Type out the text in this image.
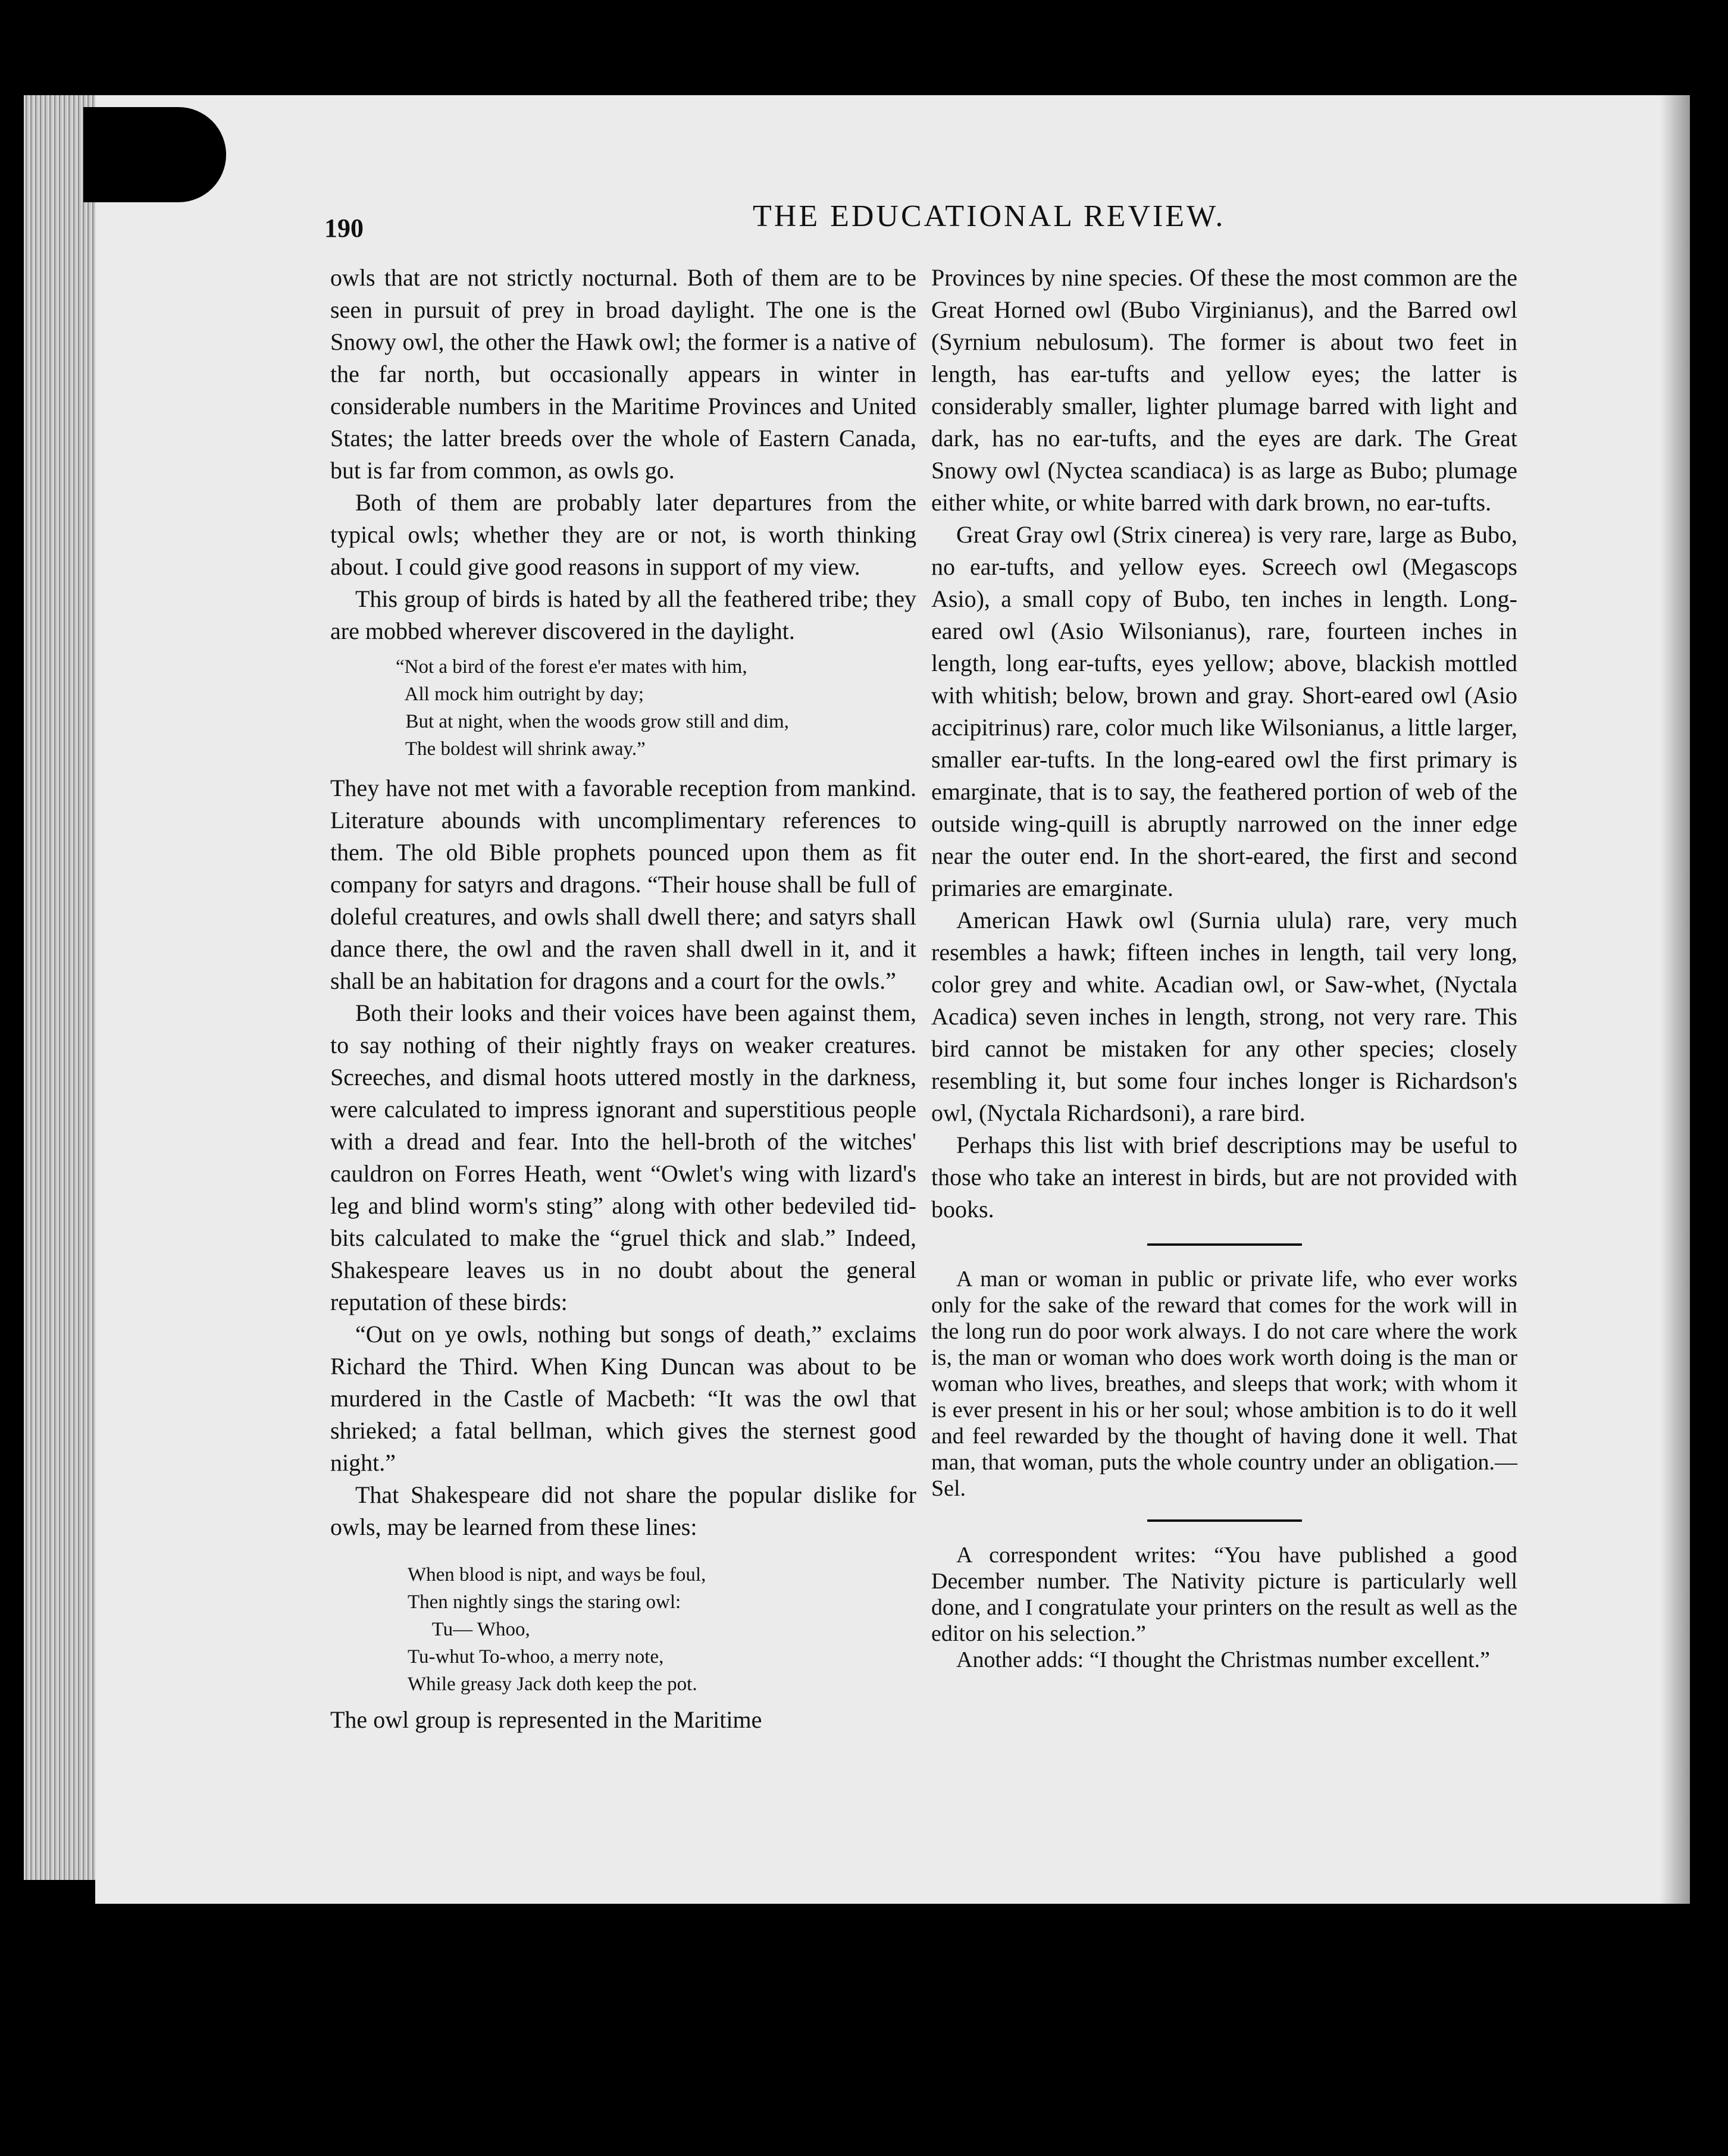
190	THE EDUCATIONAL REVIEW.

owls that are not strictly nocturnal. Both of them are to be seen in pursuit of prey in broad daylight. The one is the Snowy owl, the other the Hawk owl; the former is a native of the far north, but occasionally appears in winter in considerable numbers in the Maritime Provinces and United States; the latter breeds over the whole of Eastern Canada, but is far from common, as owls go.

Both of them are probably later departures from the typical owls; whether they are or not, is worth thinking about. I could give good reasons in support of my view.

This group of birds is hated by all the feathered tribe; they are mobbed wherever discovered in the daylight.

“Not a bird of the forest e'er mates with him,
All mock him outright by day;
But at night, when the woods grow still and dim,
The boldest will shrink away.”

They have not met with a favorable reception from mankind. Literature abounds with uncomplimentary references to them. The old Bible prophets pounced upon them as fit company for satyrs and dragons. “Their house shall be full of doleful creatures, and owls shall dwell there; and satyrs shall dance there, the owl and the raven shall dwell in it, and it shall be an habitation for dragons and a court for the owls.”

Both their looks and their voices have been against them, to say nothing of their nightly frays on weaker creatures. Screeches, and dismal hoots uttered mostly in the darkness, were calculated to impress ignorant and superstitious people with a dread and fear. Into the hell-broth of the witches' cauldron on Forres Heath, went “Owlet's wing with lizard's leg and blind worm's sting” along with other bedeviled tid-bits calculated to make the “gruel thick and slab.” Indeed, Shakespeare leaves us in no doubt about the general reputation of these birds:

“Out on ye owls, nothing but songs of death,” exclaims Richard the Third. When King Duncan was about to be murdered in the Castle of Macbeth: “It was the owl that shrieked; a fatal bellman, which gives the sternest good night.”

That Shakespeare did not share the popular dislike for owls, may be learned from these lines:

When blood is nipt, and ways be foul,
Then nightly sings the staring owl:
Tu— Whoo,
Tu-whut To-whoo, a merry note,
While greasy Jack doth keep the pot.

The owl group is represented in the Maritime

Provinces by nine species. Of these the most common are the Great Horned owl (Bubo Virginianus), and the Barred owl (Syrnium nebulosum). The former is about two feet in length, has ear-tufts and yellow eyes; the latter is considerably smaller, lighter plumage barred with light and dark, has no ear-tufts, and the eyes are dark. The Great Snowy owl (Nyctea scandiaca) is as large as Bubo; plumage either white, or white barred with dark brown, no ear-tufts.

Great Gray owl (Strix cinerea) is very rare, large as Bubo, no ear-tufts, and yellow eyes. Screech owl (Megascops Asio), a small copy of Bubo, ten inches in length. Long-eared owl (Asio Wilsonianus), rare, fourteen inches in length, long ear-tufts, eyes yellow; above, blackish mottled with whitish; below, brown and gray. Short-eared owl (Asio accipitrinus) rare, color much like Wilsonianus, a little larger, smaller ear-tufts. In the long-eared owl the first primary is emarginate, that is to say, the feathered portion of web of the outside wing-quill is abruptly narrowed on the inner edge near the outer end. In the short-eared, the first and second primaries are emarginate.

American Hawk owl (Surnia ulula) rare, very much resembles a hawk; fifteen inches in length, tail very long, color grey and white. Acadian owl, or Saw-whet, (Nyctala Acadica) seven inches in length, strong, not very rare. This bird cannot be mistaken for any other species; closely resembling it, but some four inches longer is Richardson's owl, (Nyctala Richardsoni), a rare bird.

Perhaps this list with brief descriptions may be useful to those who take an interest in birds, but are not provided with books.

A man or woman in public or private life, who ever works only for the sake of the reward that comes for the work will in the long run do poor work always. I do not care where the work is, the man or woman who does work worth doing is the man or woman who lives, breathes, and sleeps that work; with whom it is ever present in his or her soul; whose ambition is to do it well and feel rewarded by the thought of having done it well. That man, that woman, puts the whole country under an obligation.—Sel.

A correspondent writes: “You have published a good December number. The Nativity picture is particularly well done, and I congratulate your printers on the result as well as the editor on his selection.”

Another adds: “I thought the Christmas number excellent.”
